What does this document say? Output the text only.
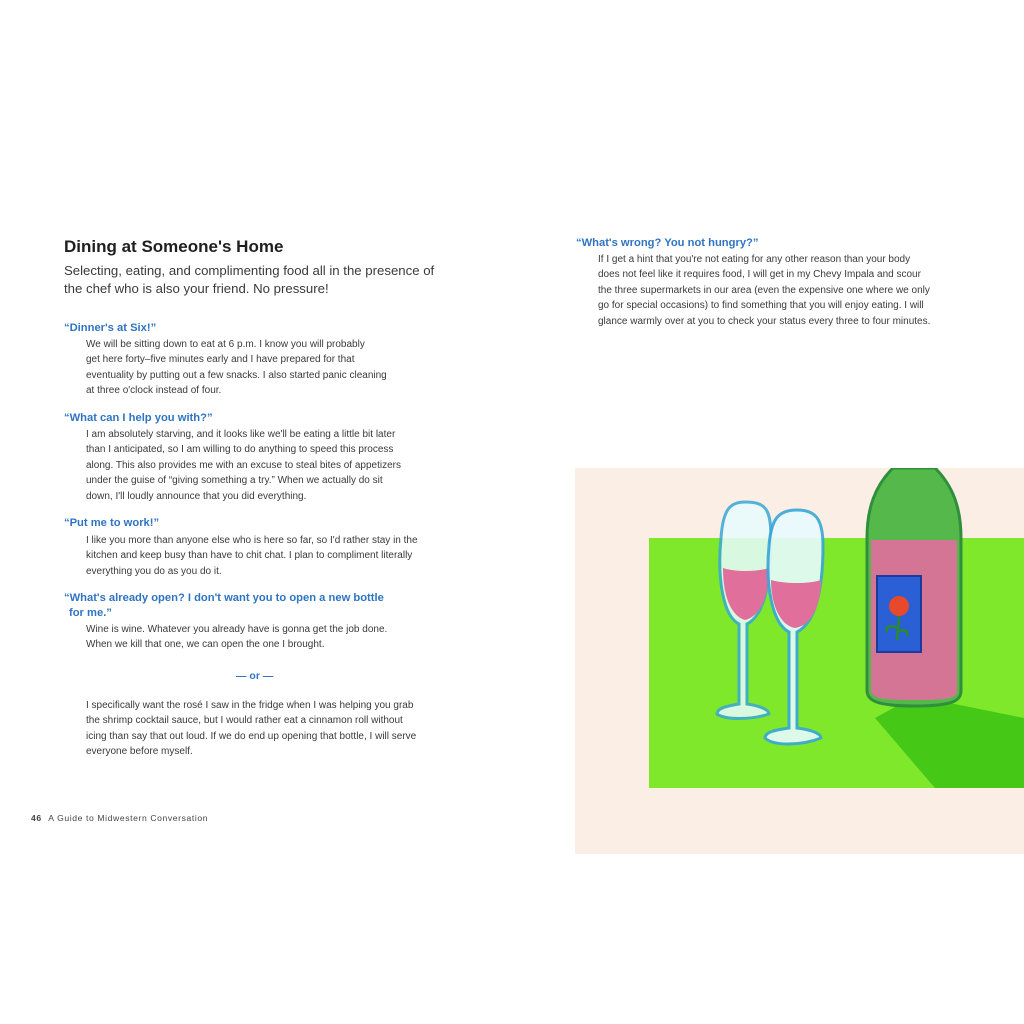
Dining at Someone's Home

Selecting, eating, and complimenting food all in the presence of the chef who is also your friend. No pressure!

“Dinner's at Six!”
We will be sitting down to eat at 6 p.m. I know you will probably
get here forty–five minutes early and I have prepared for that
eventuality by putting out a few snacks. I also started panic cleaning
at three o'clock instead of four.
“What can I help you with?”
I am absolutely starving, and it looks like we'll be eating a little bit later
than I anticipated, so I am willing to do anything to speed this process
along. This also provides me with an excuse to steal bites of appetizers
under the guise of “giving something a try.” When we actually do sit
down, I'll loudly announce that you did everything.
“Put me to work!”
I like you more than anyone else who is here so far, so I'd rather stay in the
kitchen and keep busy than have to chit chat. I plan to compliment literally
everything you do as you do it.
“What's already open? I don't want you to open a new bottle
for me.”
Wine is wine. Whatever you already have is gonna get the job done.
When we kill that one, we can open the one I brought.
— or —
I specifically want the rosé I saw in the fridge when I was helping you grab
the shrimp cocktail sauce, but I would rather eat a cinnamon roll without
icing than say that out loud. If we do end up opening that bottle, I will serve
everyone before myself.
46 A Guide to Midwestern Conversation
“What's wrong? You not hungry?”
If I get a hint that you're not eating for any other reason than your body
does not feel like it requires food, I will get in my Chevy Impala and scour
the three supermarkets in our area (even the expensive one where we only
go for special occasions) to find something that you will enjoy eating. I will
glance warmly over at you to check your status every three to four minutes.
